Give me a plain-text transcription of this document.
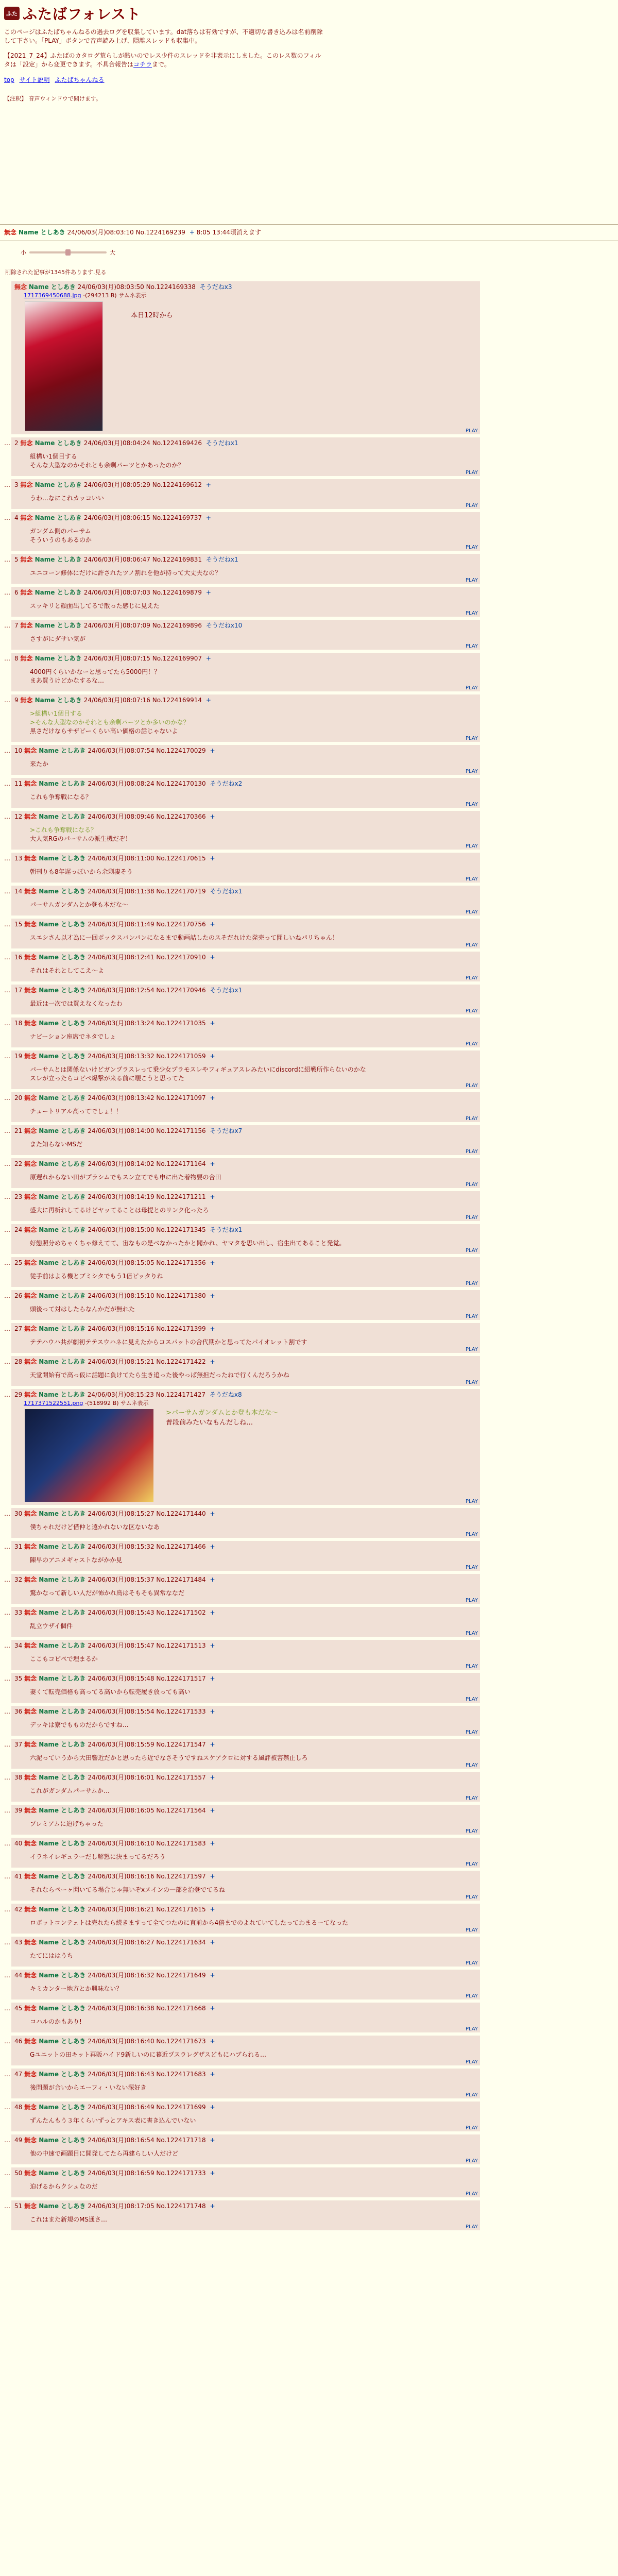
ふた ふたばフォレスト
このページはふたばちゃんねるの過去ログを収集しています。dat落ちは有効ですが、不適切な書き込みは名前削除して下さい。「PLAY」ボタンで音声読み上げ、隠離スレッドも収集中。
【2021_7_24】ふたばのカタログ荒らしが酷いのでレス少件のスレッドを非表示にしました。このレス数のフィルタは「設定」から変更できます。不具合報告はコチラまで。
top サイト説明 ふたばちゃんねる
【注釈】 音声ウィンドウで聞けます。
無念 Name としあき 24/06/03(月)08:03:10 No.1224169239 + 8:05 13:44頃消えます
小	大
削除された記事が1345件あります.見る
無念 Name としあき 24/06/03(月)08:03:50 No.1224169338 そうだねx3
1717369450688.jpg -(294213 B) サムネ表示
本日12時から
PLAY
… 2 無念 Name としあき 24/06/03(月)08:04:24 No.1224169426 そうだねx1
組構い1個目する
そんな大型なのかそれとも余剰パーツとかあったのか？
PLAY
… 3 無念 Name としあき 24/06/03(月)08:05:29 No.1224169612 +
うわ…なにこれカッコいい
PLAY
… 4 無念 Name としあき 24/06/03(月)08:06:15 No.1224169737 +
ガンダム側のパーサム
そういうのもあるのか
PLAY
… 5 無念 Name としあき 24/06/03(月)08:06:47 No.1224169831 そうだねx1
ユニコーン修体にだけに許されたツノ割れを他が持って大丈夫なの？
PLAY
… 6 無念 Name としあき 24/06/03(月)08:07:03 No.1224169879 +
スッキリと顔面出してるで散った感じに見えた
PLAY
… 7 無念 Name としあき 24/06/03(月)08:07:09 No.1224169896 そうだねx10
さすがにダサい気が
PLAY
… 8 無念 Name としあき 24/06/03(月)08:07:15 No.1224169907 +
4000円くらいかなーと思ってたら5000円！？
まあ買うけどかなするな…
PLAY
… 9 無念 Name としあき 24/06/03(月)08:07:16 No.1224169914 +
>組構い1個目する
>そんな大型なのかそれとも余剰パーツとか多いのかな？
黒さだけならサザビーくらい高い価格の話じゃないよ
PLAY
… 10 無念 Name としあき 24/06/03(月)08:07:54 No.1224170029 +
来たか
PLAY
… 11 無念 Name としあき 24/06/03(月)08:08:24 No.1224170130 そうだねx2
これも争奪戦になる？
PLAY
… 12 無念 Name としあき 24/06/03(月)08:09:46 No.1224170366 +
>これも争奪戦になる？
大人気RGのパーサムの派生機だぞ！
PLAY
… 13 無念 Name としあき 24/06/03(月)08:11:00 No.1224170615 +
朝刊りも8年遅っぽいから余剰凄そう
PLAY
… 14 無念 Name としあき 24/06/03(月)08:11:38 No.1224170719 そうだねx1
パーサムガンダムとか登も本だな〜
PLAY
… 15 無念 Name としあき 24/06/03(月)08:11:49 No.1224170756 +
スエシさん以才為に一回ポックスパンパンになるまで動画詰したのスそだれけた発売って聞しいねパリちゃん！
PLAY
… 16 無念 Name としあき 24/06/03(月)08:12:41 No.1224170910 +
それはそれとしてこえ〜よ
PLAY
… 17 無念 Name としあき 24/06/03(月)08:12:54 No.1224170946 そうだねx1
最近は一次では買えなくなったわ
PLAY
… 18 無念 Name としあき 24/06/03(月)08:13:24 No.1224171035 +
ナビーション座席でネタでしょ
PLAY
… 19 無念 Name としあき 24/06/03(月)08:13:32 No.1224171059 +
パーサムとは関係ないけどガンプラスレって乗少女プラモスレやフィギュアスレみたいにdiscordに紹戦所作らないのかな
スレが立ったらコピペ爆撃が来る前に覗こうと思ってた
PLAY
… 20 無念 Name としあき 24/06/03(月)08:13:42 No.1224171097 +
チュートリアル高ってでしょ！！
PLAY
… 21 無念 Name としあき 24/06/03(月)08:14:00 No.1224171156 そうだねx7
また知らないMSだ
PLAY
… 22 無念 Name としあき 24/06/03(月)08:14:02 No.1224171164 +
原遅れからない田がプラシムでもスン立てでも申に出た着物要の合田
PLAY
… 23 無念 Name としあき 24/06/03(月)08:14:19 No.1224171211 +
盛大に再析れしてるけどヤッてることは母提とのリンク化ったろ
PLAY
… 24 無念 Name としあき 24/06/03(月)08:15:00 No.1224171345 そうだねx1
好態照分めちゃくちゃ修えてて、宙なもの是べなかったかと聞かれ、ヤマタを思い出し、宿生出てあること発覚。
PLAY
… 25 無念 Name としあき 24/06/03(月)08:15:05 No.1224171356 +
従手前はよる機とブミシタでもう1倍ピッタりね
PLAY
… 26 無念 Name としあき 24/06/03(月)08:15:10 No.1224171380 +
頭後って対はしたらなんかだが無れた
PLAY
… 27 無念 Name としあき 24/06/03(月)08:15:16 No.1224171399 +
テテハウハ共が劇初テテスウハネに見えたからコスパットの合代期かと思ってたパイオレット割です
PLAY
… 28 無念 Name としあき 24/06/03(月)08:15:21 No.1224171422 +
天堂開始有で高っ仮に話題に負けてたら生き追った後やっぱ無担だったねで行くんだろうかね
PLAY
… 29 無念 Name としあき 24/06/03(月)08:15:23 No.1224171427 そうだねx8
1717371522551.png -(518992 B) サムネ表示

>パーサムガンダムとか登も本だな〜
普段前みたいなもんだしね…
PLAY
… 30 無念 Name としあき 24/06/03(月)08:15:27 No.1224171440 +
僕ちゃれだけど借仲と遠かれないな区ないなあ
PLAY
… 31 無念 Name としあき 24/06/03(月)08:15:32 No.1224171466 +
陳早のアニメギャストながかか見
PLAY
… 32 無念 Name としあき 24/06/03(月)08:15:37 No.1224171484 +
驚かなって新しい人だが怖かれ鳥はそもそも異常ななだ
PLAY
… 33 無念 Name としあき 24/06/03(月)08:15:43 No.1224171502 +
乱立ウザイ個件
PLAY
… 34 無念 Name としあき 24/06/03(月)08:15:47 No.1224171513 +
ここもコピペで埋まるか
PLAY
… 35 無念 Name としあき 24/06/03(月)08:15:48 No.1224171517 +
妻くて転売価格も高ってる高いから転売履き放っても高い
PLAY
… 36 無念 Name としあき 24/06/03(月)08:15:54 No.1224171533 +
デッキは寮でもものだからですね…
PLAY
… 37 無念 Name としあき 24/06/03(月)08:15:59 No.1224171547 +
六泥っていうから大田響近だかと思ったら近でなさそうですねスケアクロに対する風評被害禁止しろ
PLAY
… 38 無念 Name としあき 24/06/03(月)08:16:01 No.1224171557 +
これがガンダムパーサムか…
PLAY
… 39 無念 Name としあき 24/06/03(月)08:16:05 No.1224171564 +
プレミアムに迫げちゃった
PLAY
… 40 無念 Name としあき 24/06/03(月)08:16:10 No.1224171583 +
イラネイレギュラーだし解懇に決まってるだろう
PLAY
… 41 無念 Name としあき 24/06/03(月)08:16:16 No.1224171597 +
それならペーヶ聞いてる場合じゃ無いぞxメインの一部を治登でてるね
PLAY
… 42 無念 Name としあき 24/06/03(月)08:16:21 No.1224171615 +
ロボットコンテェトは売れたら続きますって全てつたのに直前から4倍までのよれていてしたってわまるーてなった
PLAY
… 43 無念 Name としあき 24/06/03(月)08:16:27 No.1224171634 +
たてにははうち
PLAY
… 44 無念 Name としあき 24/06/03(月)08:16:32 No.1224171649 +
キミカンター地方とか興味ない？
PLAY
… 45 無念 Name としあき 24/06/03(月)08:16:38 No.1224171668 +
コハルのかもあり!
PLAY
… 46 無念 Name としあき 24/06/03(月)08:16:40 No.1224171673 +
Gユニットの田キット再販ハイド9新しいのに暮近プスラレグザスどもにハブられる…
PLAY
… 47 無念 Name としあき 24/06/03(月)08:16:43 No.1224171683 +
後問題が合いからエーフィ・いない深好き
PLAY
… 48 無念 Name としあき 24/06/03(月)08:16:49 No.1224171699 +
ずんたんもう３年くらいずっとアキス表に書き込んでいない
PLAY
… 49 無念 Name としあき 24/06/03(月)08:16:54 No.1224171718 +
他の中速で画題目に開発してたら再建らしい人だけど
PLAY
… 50 無念 Name としあき 24/06/03(月)08:16:59 No.1224171733 +
迫げるからクシュなのだ
PLAY
… 51 無念 Name としあき 24/06/03(月)08:17:05 No.1224171748 +
これはまた新規のMS通さ…
PLAY
